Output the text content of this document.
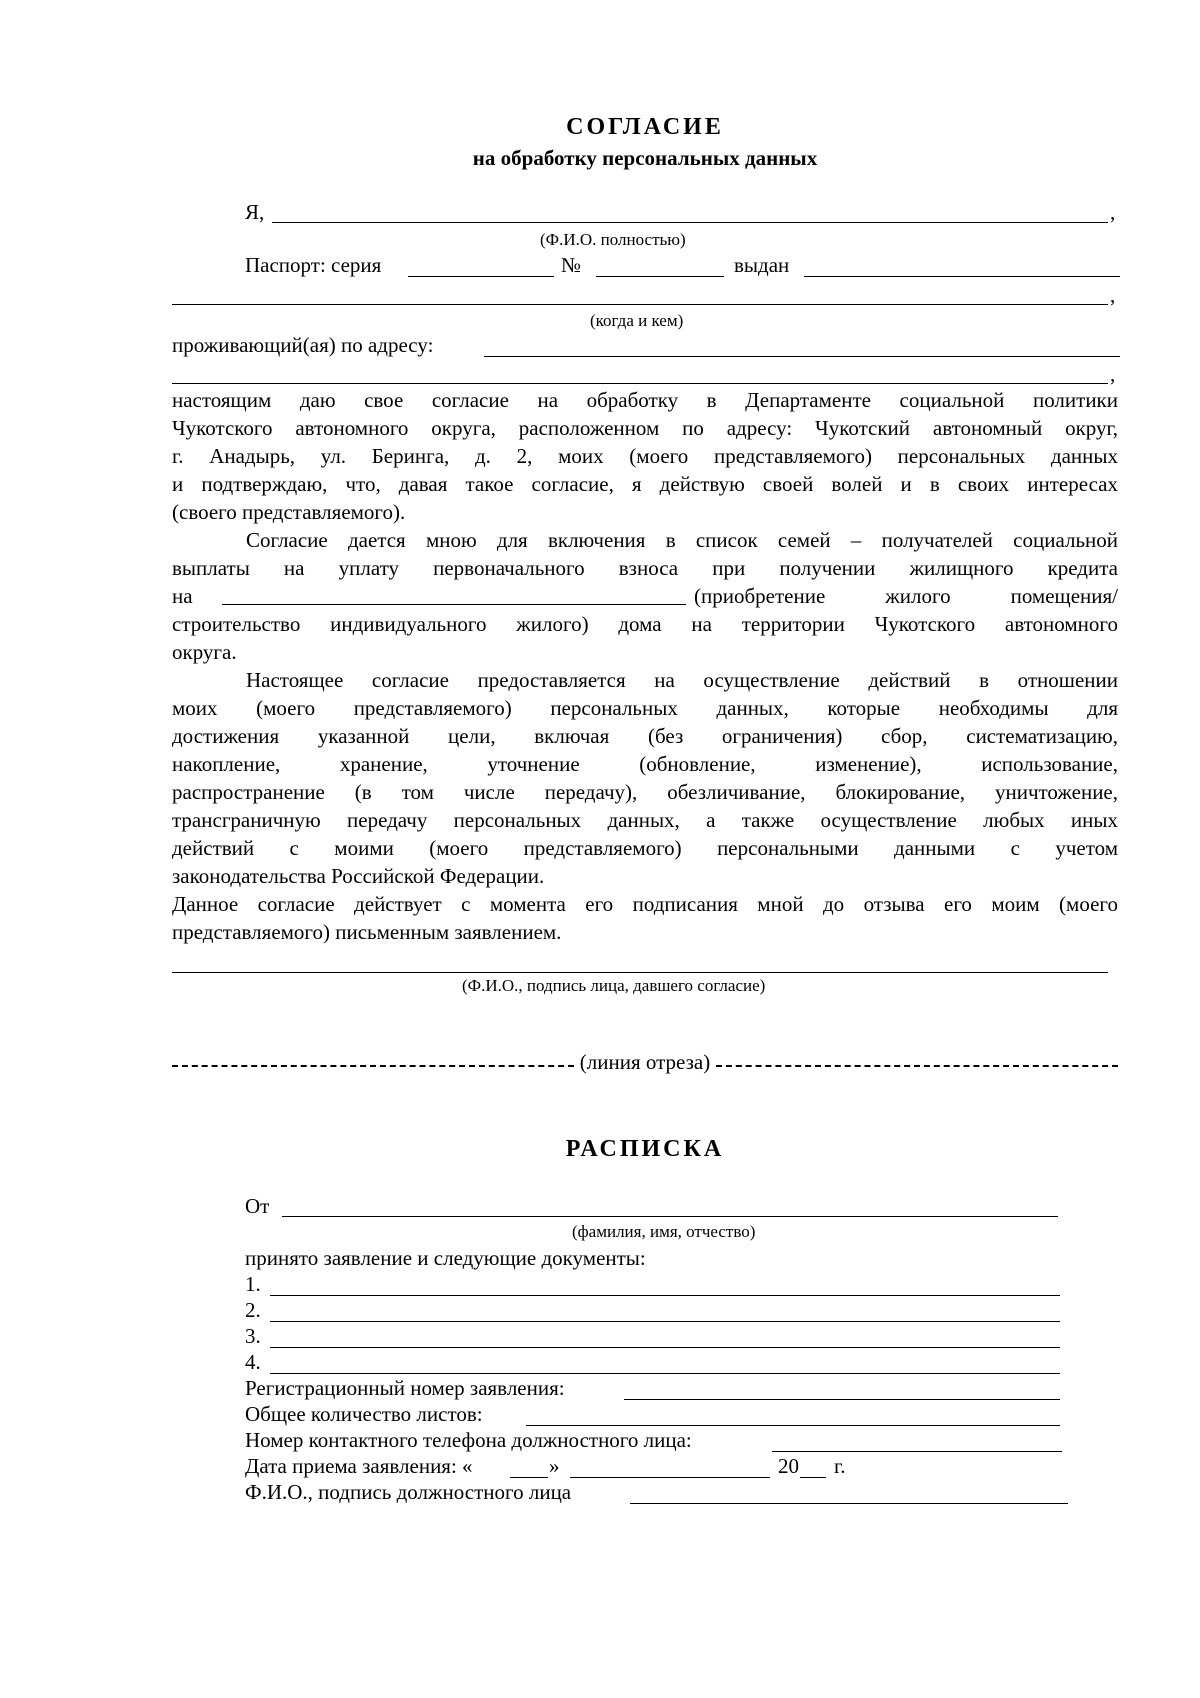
СОГЛАСИЕ
на обработку персональных данных
Я,	,
(Ф.И.О. полностью)
Паспорт: серия	№	выдан
,
(когда и кем)
проживающий(ая) по адресу:
,
настоящим даю свое согласие на обработку в Департаменте социальной политики
Чукотского автономного округа, расположенном по адресу: Чукотский автономный округ,
г. Анадырь, ул. Беринга, д. 2, моих (моего представляемого) персональных данных
и подтверждаю, что, давая такое согласие, я действую своей волей и в своих интересах
(своего представляемого).
Согласие дается мною для включения в список семей – получателей социальной
выплаты на уплату первоначального взноса при получении жилищного кредита
на	(приобретение жилого помещения/
строительство индивидуального жилого) дома на территории Чукотского автономного
округа.
Настоящее согласие предоставляется на осуществление действий в отношении
моих (моего представляемого) персональных данных, которые необходимы для
достижения указанной цели, включая (без ограничения) сбор, систематизацию,
накопление, хранение, уточнение (обновление, изменение), использование,
распространение (в том числе передачу), обезличивание, блокирование, уничтожение,
трансграничную передачу персональных данных, а также осуществление любых иных
действий с моими (моего представляемого) персональными данными с учетом
законодательства Российской Федерации.
Данное согласие действует с момента его подписания мной до отзыва его моим (моего
представляемого) письменным заявлением.
(Ф.И.О., подпись лица, давшего согласие)
(линия отреза)
РАСПИСКА
От
(фамилия, имя, отчество)
принято заявление и следующие документы:
1.
2.
3.
4.
Регистрационный номер заявления:
Общее количество листов:
Номер контактного телефона должностного лица:
Дата приема заявления: «	»	20 г.
Ф.И.О., подпись должностного лица
